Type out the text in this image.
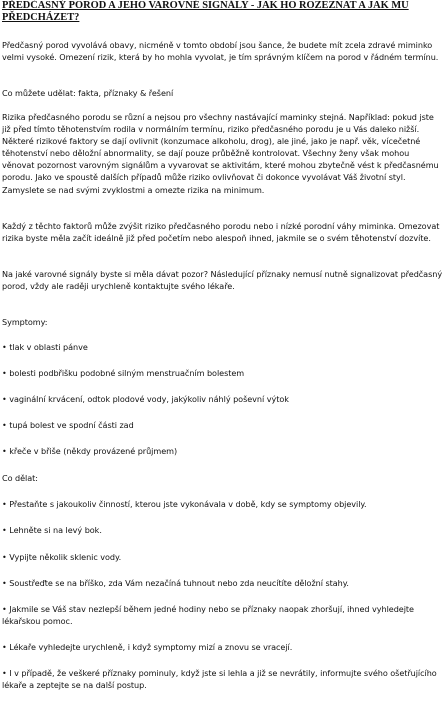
PŘEDČASNÝ POROD A JEHO VAROVNÉ SIGNÁLY - JAK HO ROZEZNAT A JAK MU PŘEDCHÁZET?

Předčasný porod vyvolává obavy, nicméně v tomto období jsou šance, že budete mít zcela zdravé miminko velmi vysoké. Omezení rizik, která by ho mohla vyvolat, je tím správným klíčem na porod v řádném termínu.

Co můžete udělat: fakta, příznaky & řešení

Rizika předčasného porodu se různí a nejsou pro všechny nastávající maminky stejná. Například: pokud jste již před tímto těhotenstvím rodila v normálním termínu, riziko předčasného porodu je u Vás daleko nižší. Některé rizikové faktory se dají ovlivnit (konzumace alkoholu, drog), ale jiné, jako je např. věk, vícečetné těhotenství nebo děložní abnormality, se dají pouze průběžně kontrolovat. Všechny ženy však mohou věnovat pozornost varovným signálům a vyvarovat se aktivitám, které mohou zbytečně vést k předčasnému porodu. Jako ve spoustě dalších případů může riziko ovlivňovat či dokonce vyvolávat Váš životní styl. Zamyslete se nad svými zvyklostmi a omezte rizika na minimum.

Každý z těchto faktorů může zvýšit riziko předčasného porodu nebo i nízké porodní váhy miminka. Omezovat rizika byste měla začít ideálně již před početím nebo alespoň ihned, jakmile se o svém těhotenství dozvíte.

Na jaké varovné signály byste si měla dávat pozor? Následující příznaky nemusí nutně signalizovat předčasný porod, vždy ale raději urychleně kontaktujte svého lékaře.

Symptomy:

• tlak v oblasti pánve

• bolesti podbřišku podobné silným menstruačním bolestem

• vaginální krvácení, odtok plodové vody, jakýkoliv náhlý poševní výtok

• tupá bolest ve spodní části zad

• křeče v břiše (někdy provázené průjmem)

Co dělat:

• Přestaňte s jakoukoliv činností, kterou jste vykonávala v době, kdy se symptomy objevily.

• Lehněte si na levý bok.

• Vypijte několik sklenic vody.

• Soustřeďte se na bříško, zda Vám nezačíná tuhnout nebo zda neucítíte děložní stahy.

• Jakmile se Váš stav nezlepší během jedné hodiny nebo se příznaky naopak zhoršují, ihned vyhledejte lékařskou pomoc.

• Lékaře vyhledejte urychleně, i když symptomy mizí a znovu se vracejí.

• I v případě, že veškeré příznaky pominuly, když jste si lehla a již se nevrátily, informujte svého ošetřujícího lékaře a zeptejte se na další postup.
